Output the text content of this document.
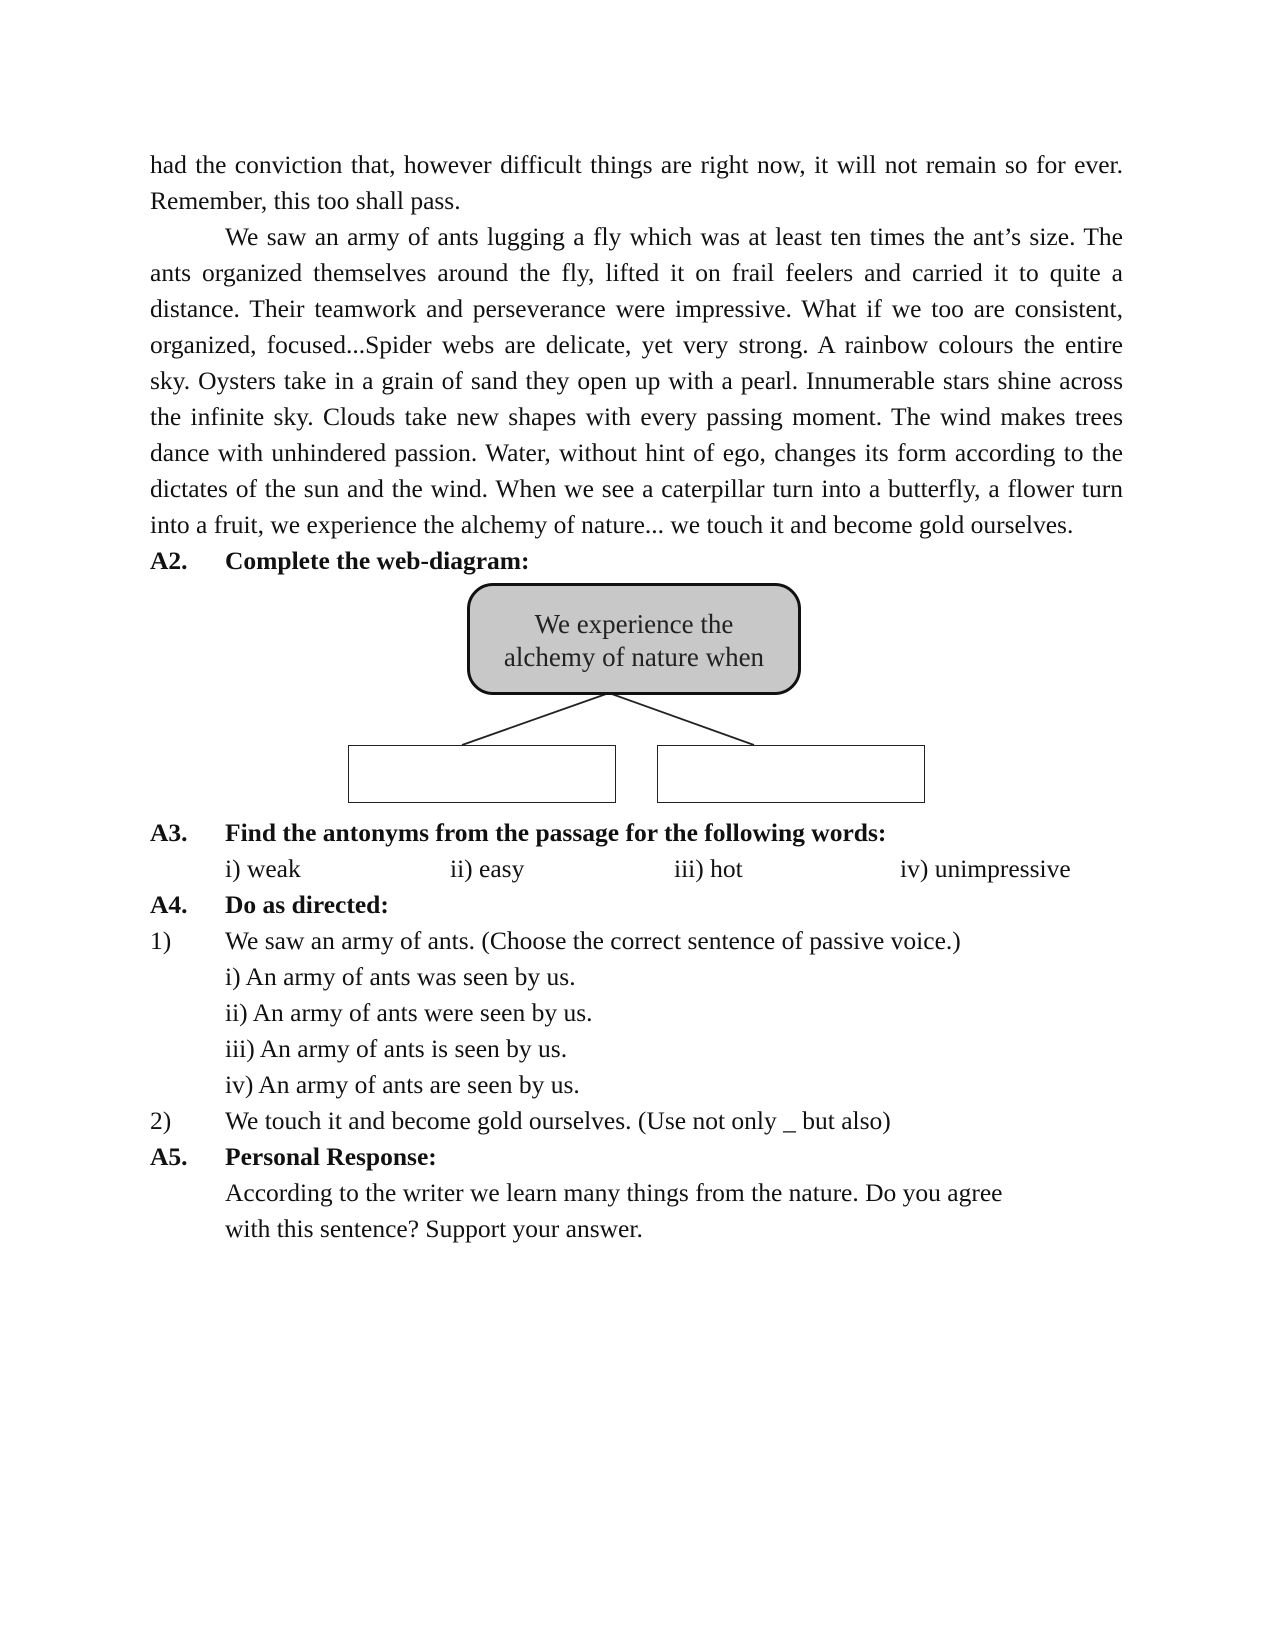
had the conviction that, however difficult things are right now, it will not remain so for ever. Remember, this too shall pass.

We saw an army of ants lugging a fly which was at least ten times the ant’s size. The ants organized themselves around the fly, lifted it on frail feelers and carried it to quite a distance. Their teamwork and perseverance were impressive. What if we too are consistent, organized, focused...Spider webs are delicate, yet very strong. A rainbow colours the entire sky. Oysters take in a grain of sand they open up with a pearl. Innumerable stars shine across the infinite sky. Clouds take new shapes with every passing moment. The wind makes trees dance with unhindered passion. Water, without hint of ego, changes its form according to the dictates of the sun and the wind. When we see a caterpillar turn into a butterfly, a flower turn into a fruit, we experience the alchemy of nature... we touch it and become gold ourselves.

A2.	Complete the web-diagram:
We experience the
alchemy of nature when
A3.	Find the antonyms from the passage for the following words:
i) weak	ii) easy	iii) hot	iv) unimpressive
A4.	Do as directed:
1)	We saw an army of ants. (Choose the correct sentence of passive voice.)

i) An army of ants was seen by us.

ii) An army of ants were seen by us.

iii) An army of ants is seen by us.

iv) An army of ants are seen by us.

2)	We touch it and become gold ourselves. (Use not only _ but also)
A5.	Personal Response:

According to the writer we learn many things from the nature. Do you agree

with this sentence? Support your answer.
